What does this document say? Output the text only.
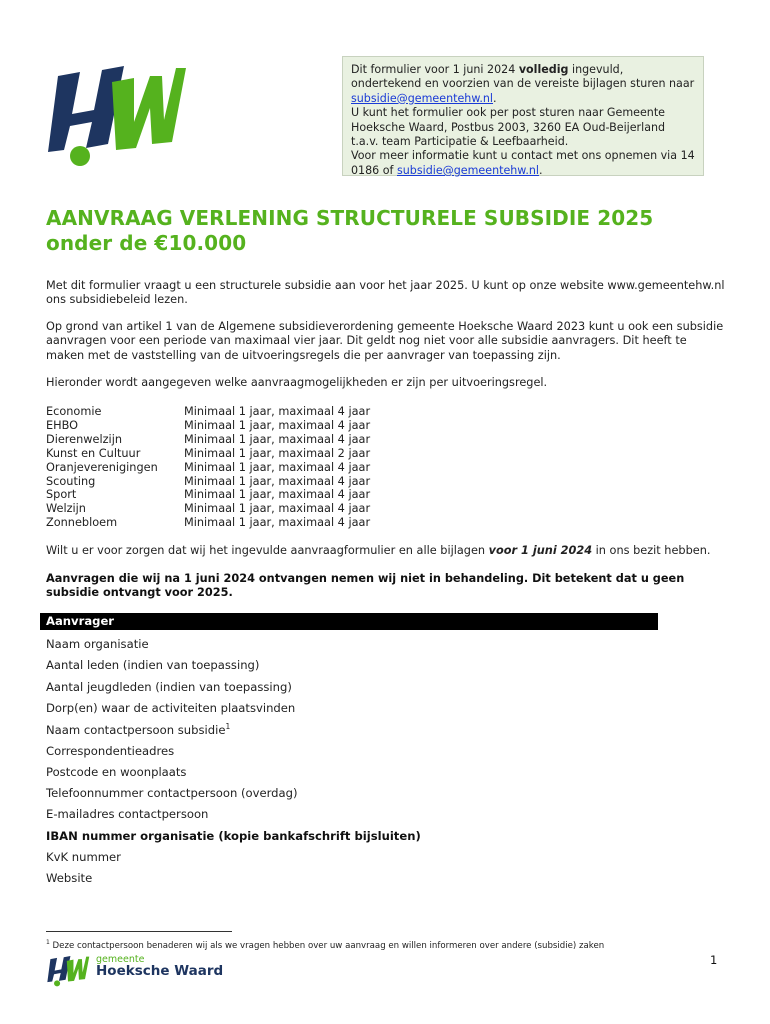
Dit formulier voor 1 juni 2024 volledig ingevuld, ondertekend en voorzien van de vereiste bijlagen sturen naar subsidie@gemeentehw.nl.
U kunt het formulier ook per post sturen naar Gemeente Hoeksche Waard, Postbus 2003, 3260 EA Oud-Beijerland t.a.v. team Participatie & Leefbaarheid.
Voor meer informatie kunt u contact met ons opnemen via 14 0186 of subsidie@gemeentehw.nl.
AANVRAAG VERLENING STRUCTURELE SUBSIDIE 2025
onder de €10.000
Met dit formulier vraagt u een structurele subsidie aan voor het jaar 2025. U kunt op onze website www.gemeentehw.nl ons subsidiebeleid lezen.
Op grond van artikel 1 van de Algemene subsidieverordening gemeente Hoeksche Waard 2023 kunt u ook een subsidie aanvragen voor een periode van maximaal vier jaar. Dit geldt nog niet voor alle subsidie aanvragers. Dit heeft te maken met de vaststelling van de uitvoeringsregels die per aanvrager van toepassing zijn.
Hieronder wordt aangegeven welke aanvraagmogelijkheden er zijn per uitvoeringsregel.
Economie	Minimaal 1 jaar, maximaal 4 jaar
EHBO	Minimaal 1 jaar, maximaal 4 jaar
Dierenwelzijn	Minimaal 1 jaar, maximaal 4 jaar
Kunst en Cultuur	Minimaal 1 jaar, maximaal 2 jaar
Oranjeverenigingen	Minimaal 1 jaar, maximaal 4 jaar
Scouting	Minimaal 1 jaar, maximaal 4 jaar
Sport	Minimaal 1 jaar, maximaal 4 jaar
Welzijn	Minimaal 1 jaar, maximaal 4 jaar
Zonnebloem	Minimaal 1 jaar, maximaal 4 jaar
Wilt u er voor zorgen dat wij het ingevulde aanvraagformulier en alle bijlagen voor 1 juni 2024 in ons bezit hebben.
Aanvragen die wij na 1 juni 2024 ontvangen nemen wij niet in behandeling. Dit betekent dat u geen subsidie ontvangt voor 2025.
Aanvrager
Naam organisatie
Aantal leden (indien van toepassing)
Aantal jeugdleden (indien van toepassing)
Dorp(en) waar de activiteiten plaatsvinden
Naam contactpersoon subsidie$^1$
Correspondentieadres
Postcode en woonplaats
Telefoonnummer contactpersoon (overdag)
E-mailadres contactpersoon
IBAN nummer organisatie (kopie bankafschrift bijsluiten)
KvK nummer
Website
$^1$ Deze contactpersoon benaderen wij als we vragen hebben over uw aanvraag en willen informeren over andere (subsidie) zaken
gemeente
Hoeksche Waard
1
